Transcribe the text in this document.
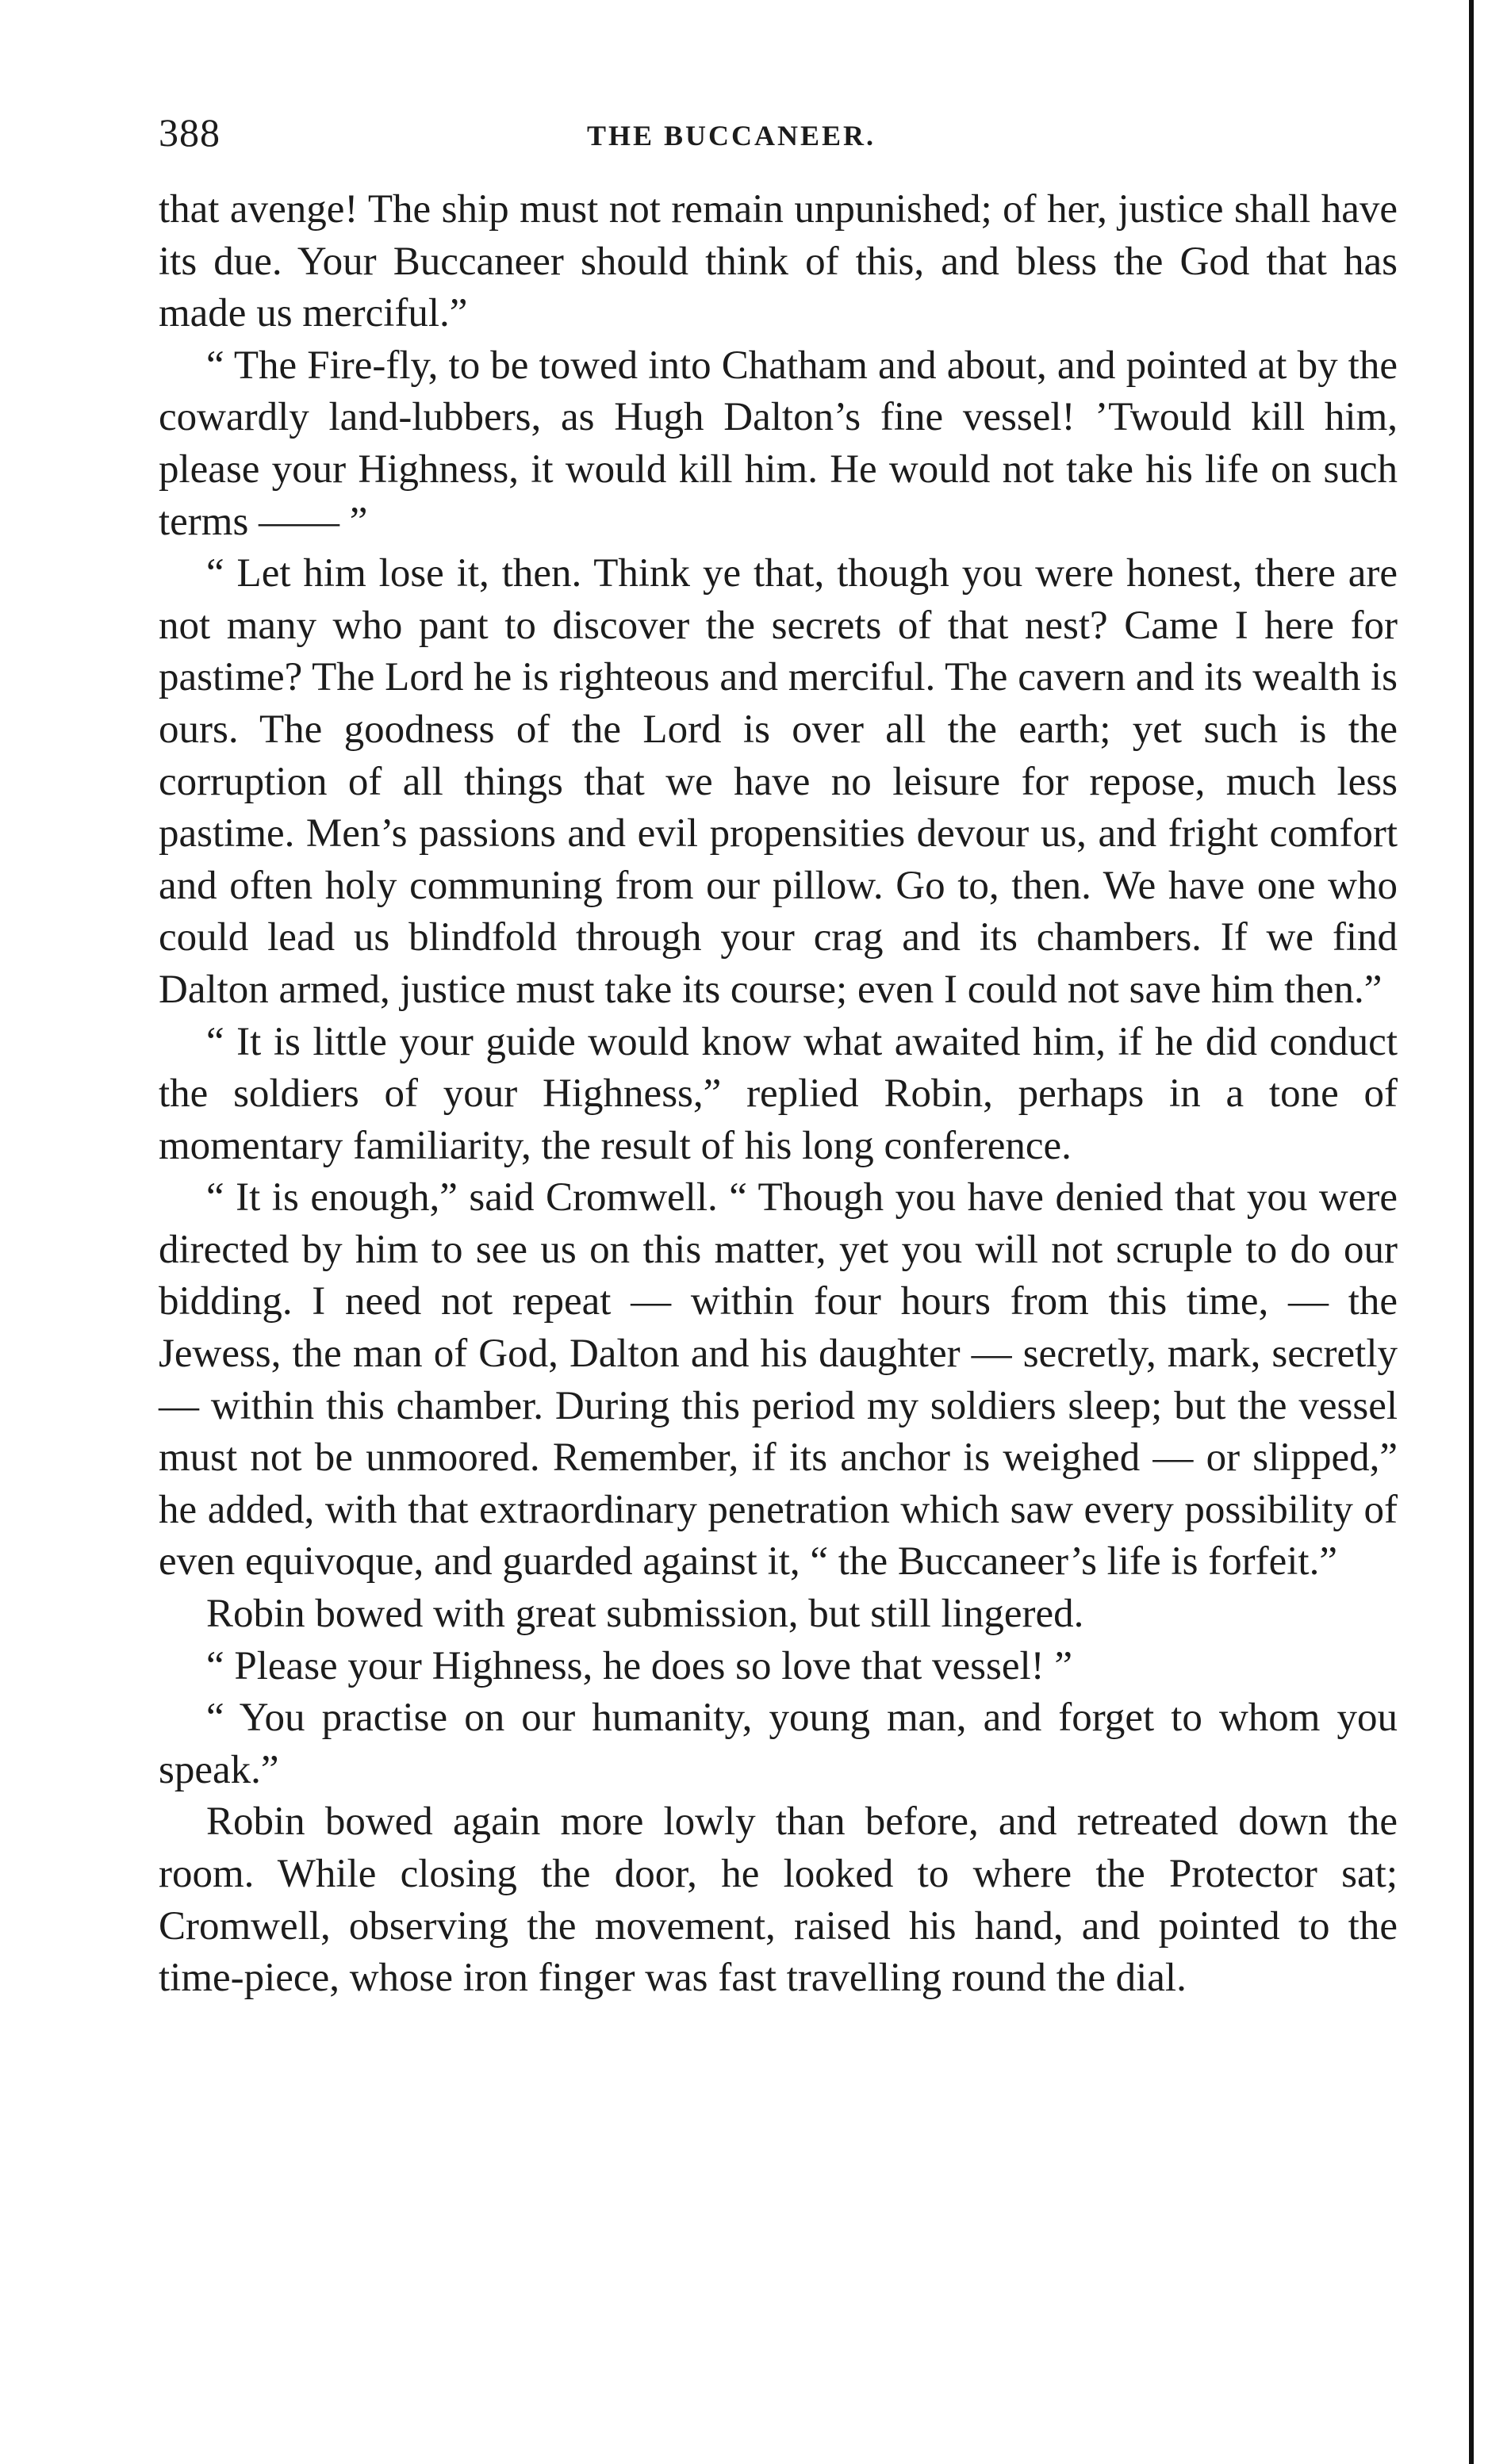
388	THE BUCCANEER.

that avenge! The ship must not remain unpunished; of her, justice shall have its due. Your Buccaneer should think of this, and bless the God that has made us merciful.”

“ The Fire-fly, to be towed into Chatham and about, and pointed at by the cowardly land-lubbers, as Hugh Dalton’s fine vessel! ’Twould kill him, please your Highness, it would kill him. He would not take his life on such terms —— ”

“ Let him lose it, then. Think ye that, though you were honest, there are not many who pant to discover the secrets of that nest? Came I here for pastime? The Lord he is righteous and merciful. The cavern and its wealth is ours. The goodness of the Lord is over all the earth; yet such is the corruption of all things that we have no leisure for repose, much less pastime. Men’s passions and evil propensities devour us, and fright comfort and often holy communing from our pillow. Go to, then. We have one who could lead us blindfold through your crag and its chambers. If we find Dalton armed, justice must take its course; even I could not save him then.”

“ It is little your guide would know what awaited him, if he did conduct the soldiers of your Highness,” replied Robin, perhaps in a tone of momentary familiarity, the result of his long conference.

“ It is enough,” said Cromwell. “ Though you have denied that you were directed by him to see us on this matter, yet you will not scruple to do our bidding. I need not repeat — within four hours from this time, — the Jewess, the man of God, Dalton and his daughter — secretly, mark, secretly — within this chamber. During this period my soldiers sleep; but the vessel must not be unmoored. Remember, if its anchor is weighed — or slipped,” he added, with that extraordinary penetration which saw every possibility of even equivoque, and guarded against it, “ the Buccaneer’s life is forfeit.”

Robin bowed with great submission, but still lingered.

“ Please your Highness, he does so love that vessel! ”

“ You practise on our humanity, young man, and forget to whom you speak.”

Robin bowed again more lowly than before, and retreated down the room. While closing the door, he looked to where the Protector sat; Cromwell, observing the movement, raised his hand, and pointed to the time-piece, whose iron finger was fast travelling round the dial.
